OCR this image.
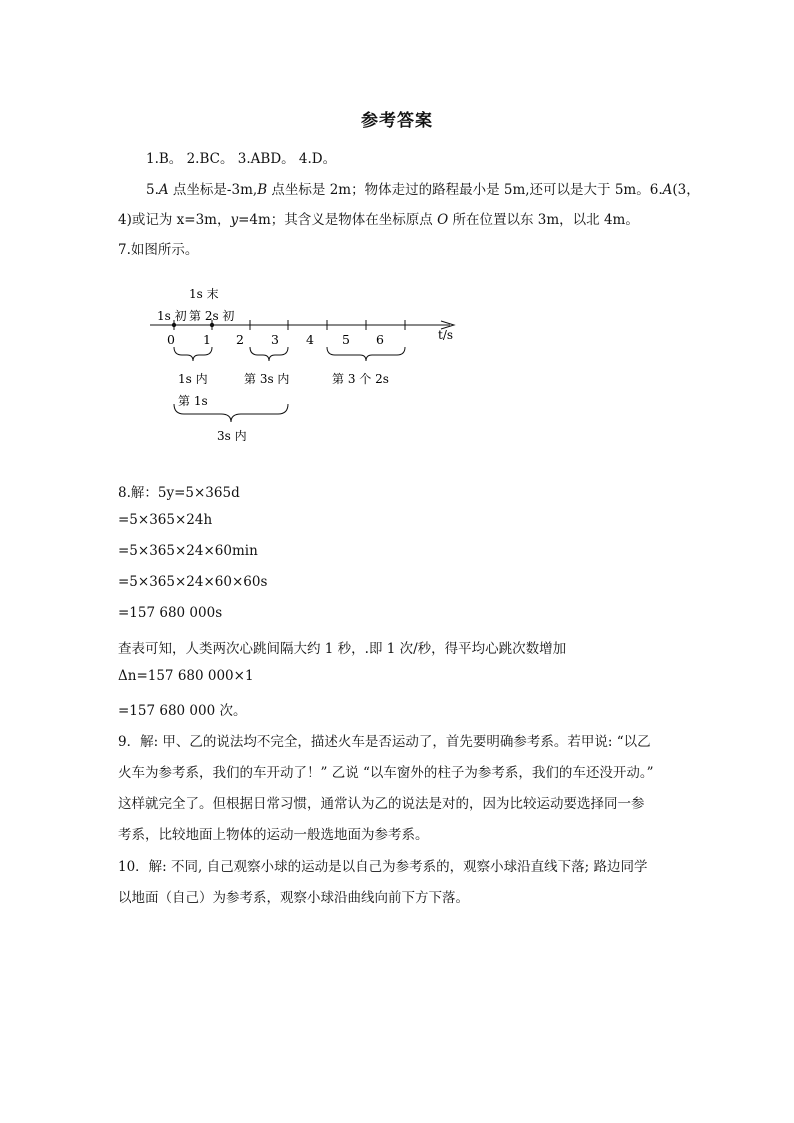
参考答案
1.B。 2.BC。 3.ABD。 4.D。
5.A 点坐标是-3m,B 点坐标是 2m；物体走过的路程最小是 5m,还可以是大于 5m。6.A(3，
4)或记为 x=3m，y=4m；其含义是物体在坐标原点 O 所在位置以东 3m，以北 4m。
7.如图所示。
1s 末
1s 初 第 2s 初
t/s
0 1 2 3 4 5 6
1s 内	第 3s 内	第 3 个 2s
第 1s
3s 内
8.解：5y=5×365d
=5×365×24h
=5×365×24×60min
=5×365×24×60×60s
=157 680 000s
查表可知，人类两次心跳间隔大约 1 秒，.即 1 次/秒，得平均心跳次数增加
Δn=157 680 000×1
=157 680 000 次。
9．解: 甲、乙的说法均不完全，描述火车是否运动了，首先要明确参考系。若甲说: “以乙
火车为参考系，我们的车开动了！” 乙说 “以车窗外的柱子为参考系，我们的车还没开动。”
这样就完全了。但根据日常习惯，通常认为乙的说法是对的，因为比较运动要选择同一参
考系，比较地面上物体的运动一般选地面为参考系。
10．解: 不同, 自己观察小球的运动是以自己为参考系的，观察小球沿直线下落; 路边同学
以地面（自己）为参考系，观察小球沿曲线向前下方下落。
